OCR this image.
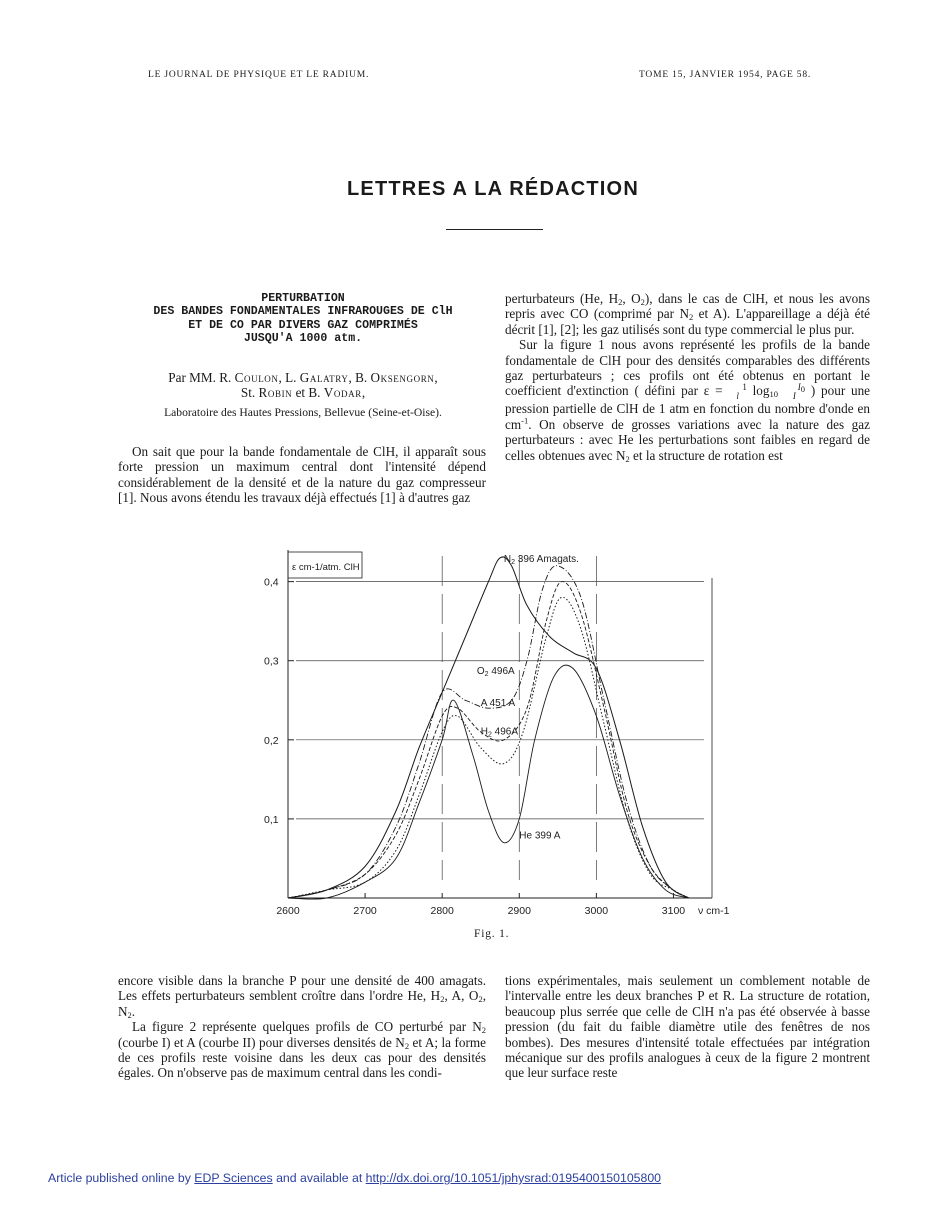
LE JOURNAL DE PHYSIQUE ET LE RADIUM.	TOME 15, JANVIER 1954, PAGE 58.
LETTRES A LA RÉDACTION
PERTURBATION
DES BANDES FONDAMENTALES INFRAROUGES DE ClH
ET DE CO PAR DIVERS GAZ COMPRIMÉS
JUSQU'A 1000 atm.
Par MM. R. Coulon, L. Galatry, B. Oksengorn,
St. Robin et B. Vodar,
Laboratoire des Hautes Pressions, Bellevue (Seine-et-Oise).

On sait que pour la bande fondamentale de ClH, il apparaît sous forte pression un maximum central dont l'intensité dépend considérablement de la densité et de la nature du gaz compresseur [1]. Nous avons étendu les travaux déjà effectués [1] à d'autres gaz

perturbateurs (He, $H_2$, $O_2$), dans le cas de ClH, et nous les avons repris avec CO (comprimé par $N_2$ et A). L'appareillage a déjà été décrit [1], [2]; les gaz utilisés sont du type commercial le plus pur.

Sur la figure 1 nous avons représenté les profils de la bande fondamentale de ClH pour des densités comparables des différents gaz perturbateurs ; ces profils ont été obtenus en portant le coefficient d'extinction ( défini par ε = 1
l $\log_{10} I_0$
I ) pour une pression partielle de ClH de 1 atm en fonction du nombre d'onde en $cm^{-1}$. On observe de grosses variations avec la nature des gaz perturbateurs : avec He les perturbations sont faibles en regard de celles obtenues avec $N_2$ et la structure de rotation est

0,1
0,2
0,3
0,4
2600	2700	2800	2900	3000	3100 ν cm-1
ε cm-1/atm. ClH
$N_2$ 396 Amagats.
$O_2$ 496A
A 451 A
$H_2$ 496A
He 399 A
Fig. 1.

encore visible dans la branche P pour une densité de 400 amagats. Les effets perturbateurs semblent croître dans l'ordre He, $H_2$, A, $O_2$, $N_2$.

La figure 2 représente quelques profils de CO perturbé par $N_2$ (courbe I) et A (courbe II) pour diverses densités de $N_2$ et A; la forme de ces profils reste voisine dans les deux cas pour des densités égales. On n'observe pas de maximum central dans les condi-

tions expérimentales, mais seulement un comblement notable de l'intervalle entre les deux branches P et R. La structure de rotation, beaucoup plus serrée que celle de ClH n'a pas été observée à basse pression (du fait du faible diamètre utile des fenêtres de nos bombes). Des mesures d'intensité totale effectuées par intégration mécanique sur des profils analogues à ceux de la figure 2 montrent que leur surface reste

Article published online by EDP Sciences and available at http://dx.doi.org/10.1051/jphysrad:0195400150105800
